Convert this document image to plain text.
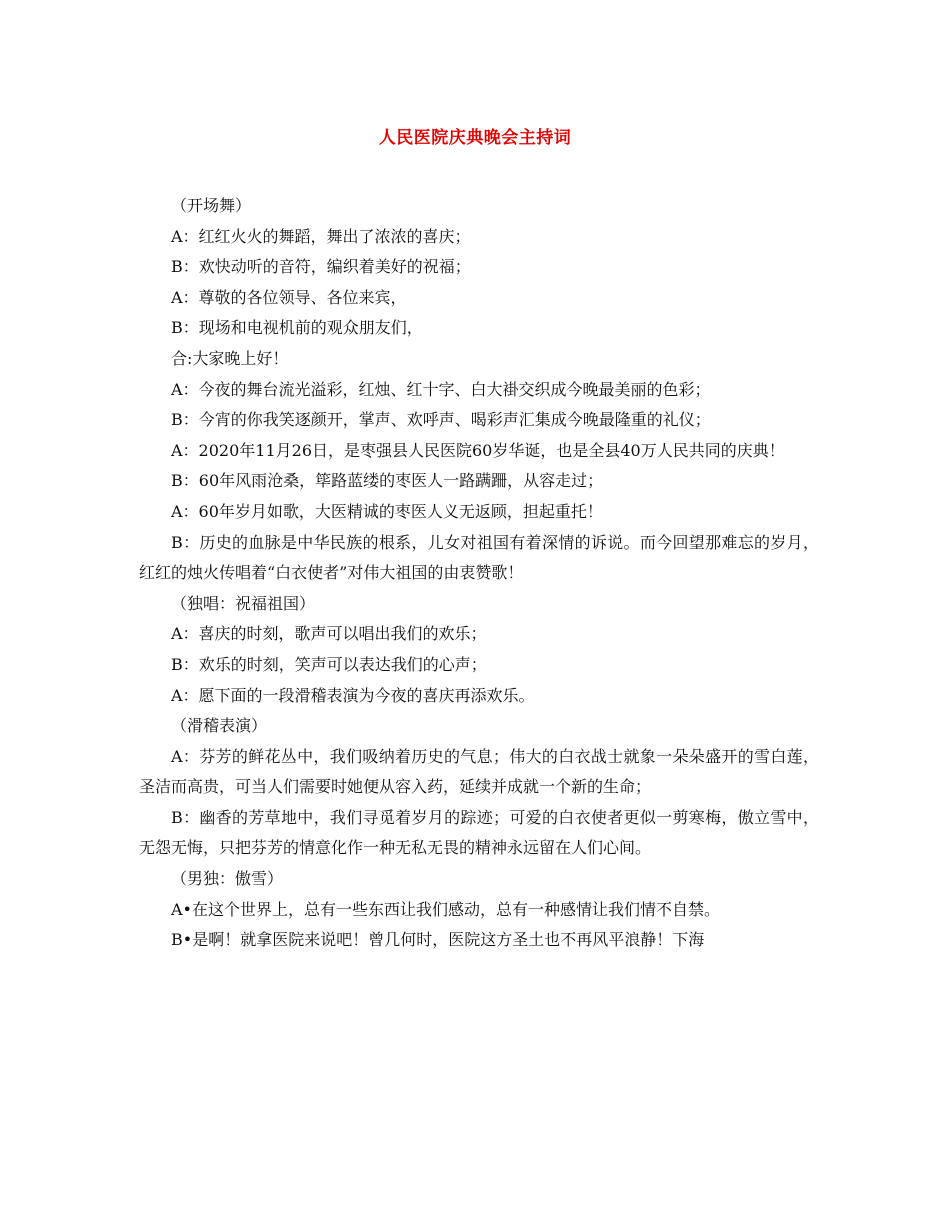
人民医院庆典晚会主持词

（开场舞）

A：红红火火的舞蹈，舞出了浓浓的喜庆；

B：欢快动听的音符，编织着美好的祝福；

A：尊敬的各位领导、各位来宾，

B：现场和电视机前的观众朋友们，

合:大家晚上好！

A：今夜的舞台流光溢彩，红烛、红十字、白大褂交织成今晚最美丽的色彩；

B：今宵的你我笑逐颜开，掌声、欢呼声、喝彩声汇集成今晚最隆重的礼仪；

A：2020年11月26日，是枣强县人民医院60岁华诞，也是全县40万人民共同的庆典！

B：60年风雨沧桑，筚路蓝缕的枣医人一路蹒跚，从容走过；

A：60年岁月如歌，大医精诚的枣医人义无返顾，担起重托！

B：历史的血脉是中华民族的根系，儿女对祖国有着深情的诉说。而今回望那难忘的岁月，红红的烛火传唱着“白衣使者”对伟大祖国的由衷赞歌！

（独唱：祝福祖国）

A：喜庆的时刻，歌声可以唱出我们的欢乐；

B：欢乐的时刻，笑声可以表达我们的心声；

A：愿下面的一段滑稽表演为今夜的喜庆再添欢乐。

（滑稽表演）

A：芬芳的鲜花丛中，我们吸纳着历史的气息；伟大的白衣战士就象一朵朵盛开的雪白莲，圣洁而高贵，可当人们需要时她便从容入药，延续并成就一个新的生命；

B：幽香的芳草地中，我们寻觅着岁月的踪迹；可爱的白衣使者更似一剪寒梅，傲立雪中，无怨无悔，只把芬芳的情意化作一种无私无畏的精神永远留在人们心间。

（男独：傲雪）

A•在这个世界上，总有一些东西让我们感动，总有一种感情让我们情不自禁。

B•是啊！就拿医院来说吧！曾几何时，医院这方圣土也不再风平浪静！下海
